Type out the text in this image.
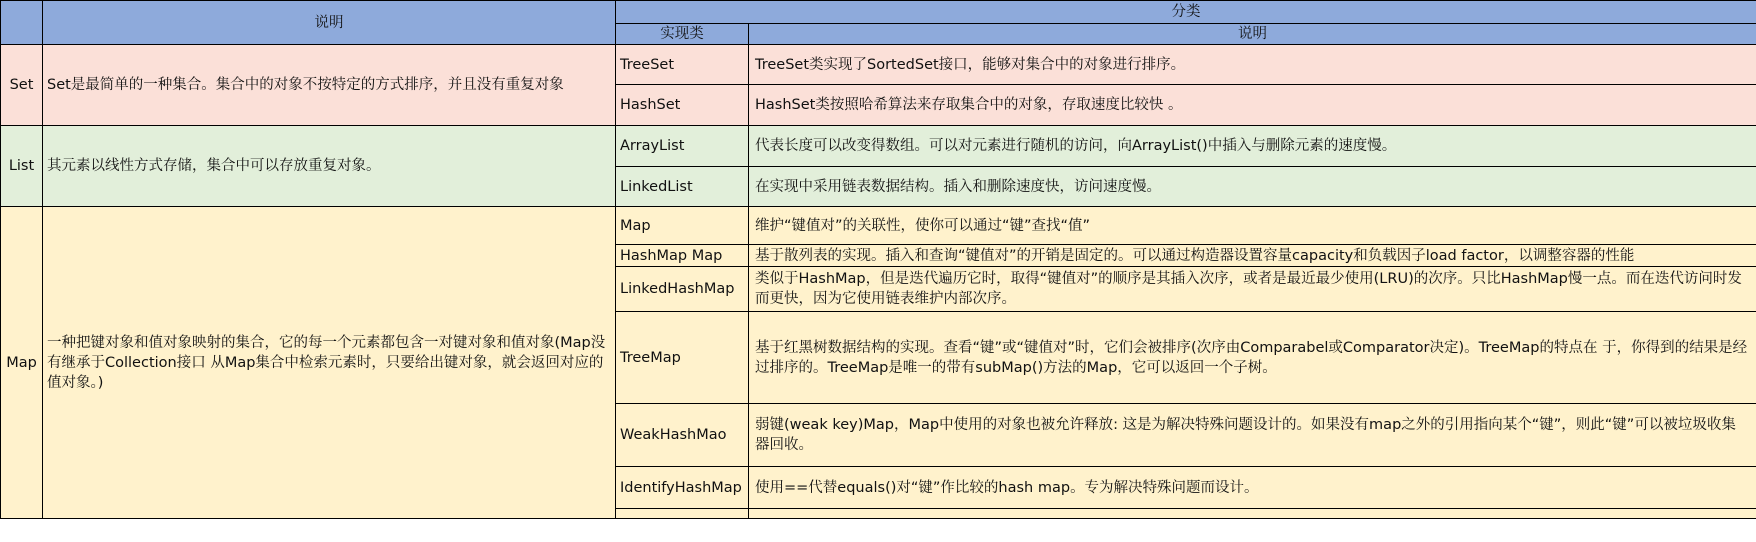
	说明	分类	
		实现类	说明
Set	Set是最简单的一种集合。集合中的对象不按特定的方式排序，并且没有重复对象	TreeSet	TreeSet类实现了SortedSet接口，能够对集合中的对象进行排序。
		HashSet	HashSet类按照哈希算法来存取集合中的对象，存取速度比较快 。
List	其元素以线性方式存储，集合中可以存放重复对象。	ArrayList	代表长度可以改变得数组。可以对元素进行随机的访问，向ArrayList()中插入与删除元素的速度慢。
		LinkedList	在实现中采用链表数据结构。插入和删除速度快，访问速度慢。
Map	一种把键对象和值对象映射的集合，它的每一个元素都包含一对键对象和值对象(Map没有继承于Collection接口 从Map集合中检索元素时，只要给出键对象，就会返回对应的值对象。)	Map	维护“键值对”的关联性，使你可以通过“键”查找“值”
		HashMap Map	基于散列表的实现。插入和查询“键值对”的开销是固定的。可以通过构造器设置容量capacity和负载因子load factor，以调整容器的性能
		LinkedHashMap	类似于HashMap，但是迭代遍历它时，取得“键值对”的顺序是其插入次序，或者是最近最少使用(LRU)的次序。只比HashMap慢一点。而在迭代访问时发而更快，因为它使用链表维护内部次序。
		TreeMap	基于红黑树数据结构的实现。查看“键”或“键值对”时，它们会被排序(次序由Comparabel或Comparator决定)。TreeMap的特点在 于，你得到的结果是经过排序的。TreeMap是唯一的带有subMap()方法的Map，它可以返回一个子树。
		WeakHashMao	弱键(weak key)Map，Map中使用的对象也被允许释放: 这是为解决特殊问题设计的。如果没有map之外的引用指向某个“键”，则此“键”可以被垃圾收集器回收。
		IdentifyHashMap	使用==代替equals()对“键”作比较的hash map。专为解决特殊问题而设计。
